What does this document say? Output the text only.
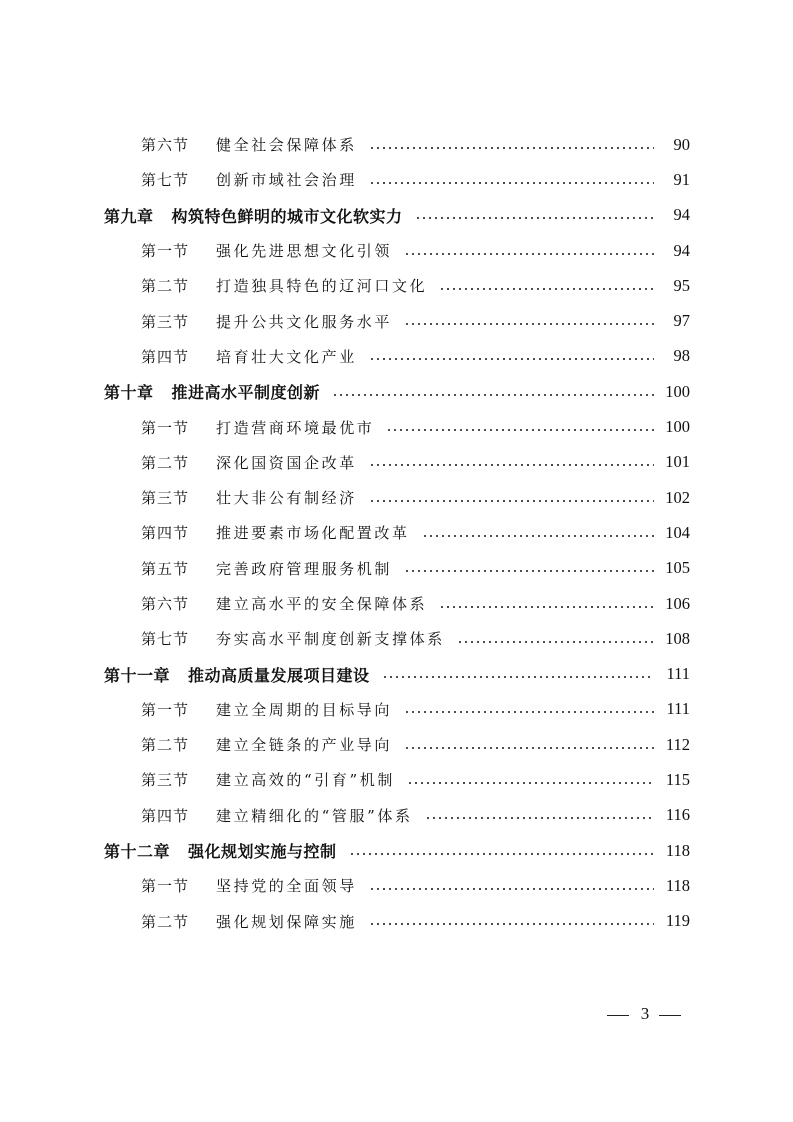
第六节	健全社会保障体系	90
第七节	创新市域社会治理	91
第九章 构筑特色鲜明的城市文化软实力	94
第一节	强化先进思想文化引领	94
第二节	打造独具特色的辽河口文化	95
第三节	提升公共文化服务水平	97
第四节	培育壮大文化产业	98
第十章 推进高水平制度创新	100
第一节	打造营商环境最优市	100
第二节	深化国资国企改革	101
第三节	壮大非公有制经济	102
第四节	推进要素市场化配置改革	104
第五节	完善政府管理服务机制	105
第六节	建立高水平的安全保障体系	106
第七节	夯实高水平制度创新支撑体系	108
第十一章 推动高质量发展项目建设	111
第一节	建立全周期的目标导向	111
第二节	建立全链条的产业导向	112
第三节	建立高效的“引育”机制	115
第四节	建立精细化的“管服”体系	116
第十二章 强化规划实施与控制	118
第一节	坚持党的全面领导	118
第二节	强化规划保障实施	119
3
